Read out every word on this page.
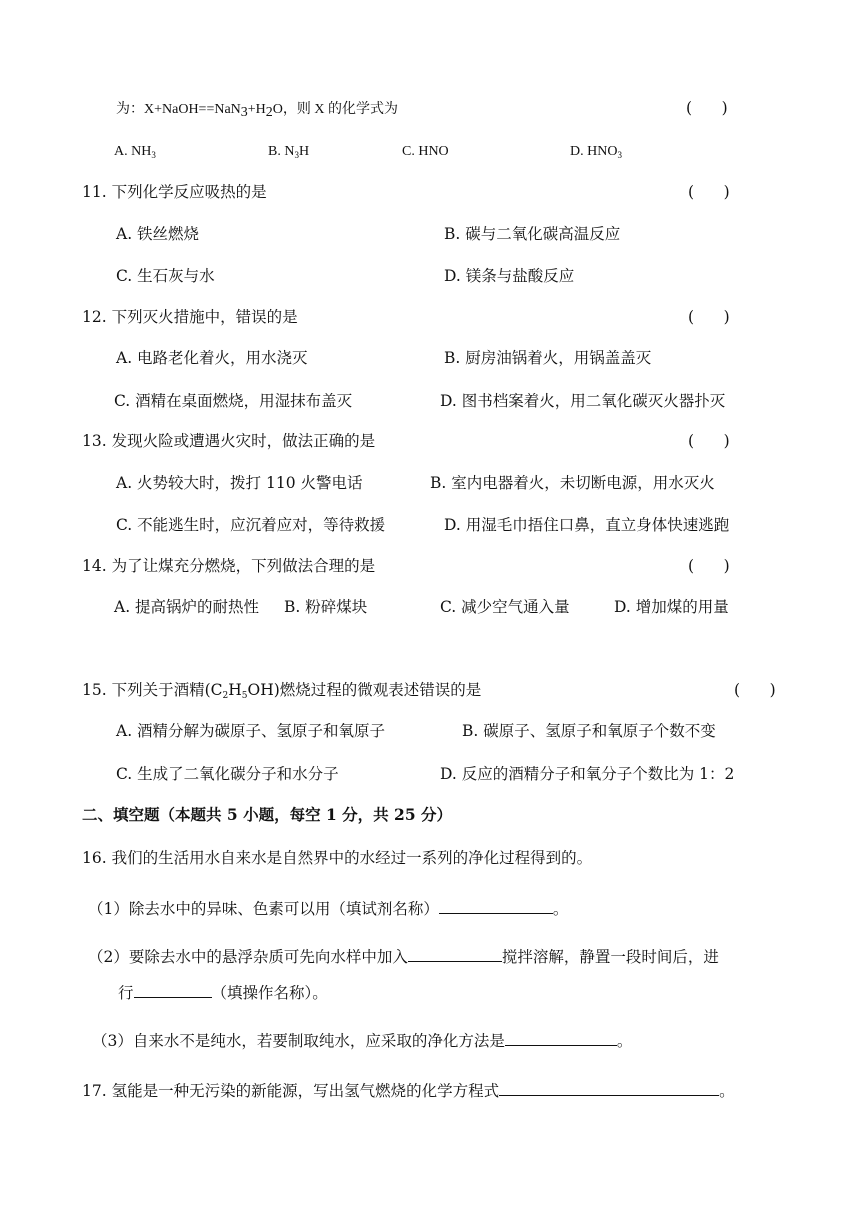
为：$X+NaOH==NaN_3+H_2O$，则 X 的化学式为	(      )
A. $NH_3$	B. $N_3H$	C. HNO	D. $HNO_3$
11. 下列化学反应吸热的是	(      )
A. 铁丝燃烧	B. 碳与二氧化碳高温反应
C. 生石灰与水	D. 镁条与盐酸反应
12. 下列灭火措施中，错误的是	(      )
A. 电路老化着火，用水浇灭	B. 厨房油锅着火，用锅盖盖灭
C. 酒精在桌面燃烧，用湿抹布盖灭	D. 图书档案着火，用二氧化碳灭火器扑灭
13. 发现火险或遭遇火灾时，做法正确的是	(      )
A. 火势较大时，拨打 110 火警电话	B. 室内电器着火，未切断电源，用水灭火
C. 不能逃生时，应沉着应对，等待救援	D. 用湿毛巾捂住口鼻，直立身体快速逃跑
14. 为了让煤充分燃烧，下列做法合理的是	(      )
A. 提高锅炉的耐热性 B. 粉碎煤块	C. 减少空气通入量	D. 增加煤的用量
15. 下列关于酒精$(C_2H_5OH)$燃烧过程的微观表述错误的是	(      )
A. 酒精分解为碳原子、氢原子和氧原子	B. 碳原子、氢原子和氧原子个数不变
C. 生成了二氧化碳分子和水分子	D. 反应的酒精分子和氧分子个数比为 1：2
二、填空题（本题共 5 小题，每空 1 分，共 25 分）
16. 我们的生活用水自来水是自然界中的水经过一系列的净化过程得到的。
（1）除去水中的异味、色素可以用（填试剂名称）	。
（2）要除去水中的悬浮杂质可先向水样中加入	搅拌溶解，静置一段时间后，进
行	（填操作名称）。
（3）自来水不是纯水，若要制取纯水，应采取的净化方法是	。
17. 氢能是一种无污染的新能源，写出氢气燃烧的化学方程式	。
